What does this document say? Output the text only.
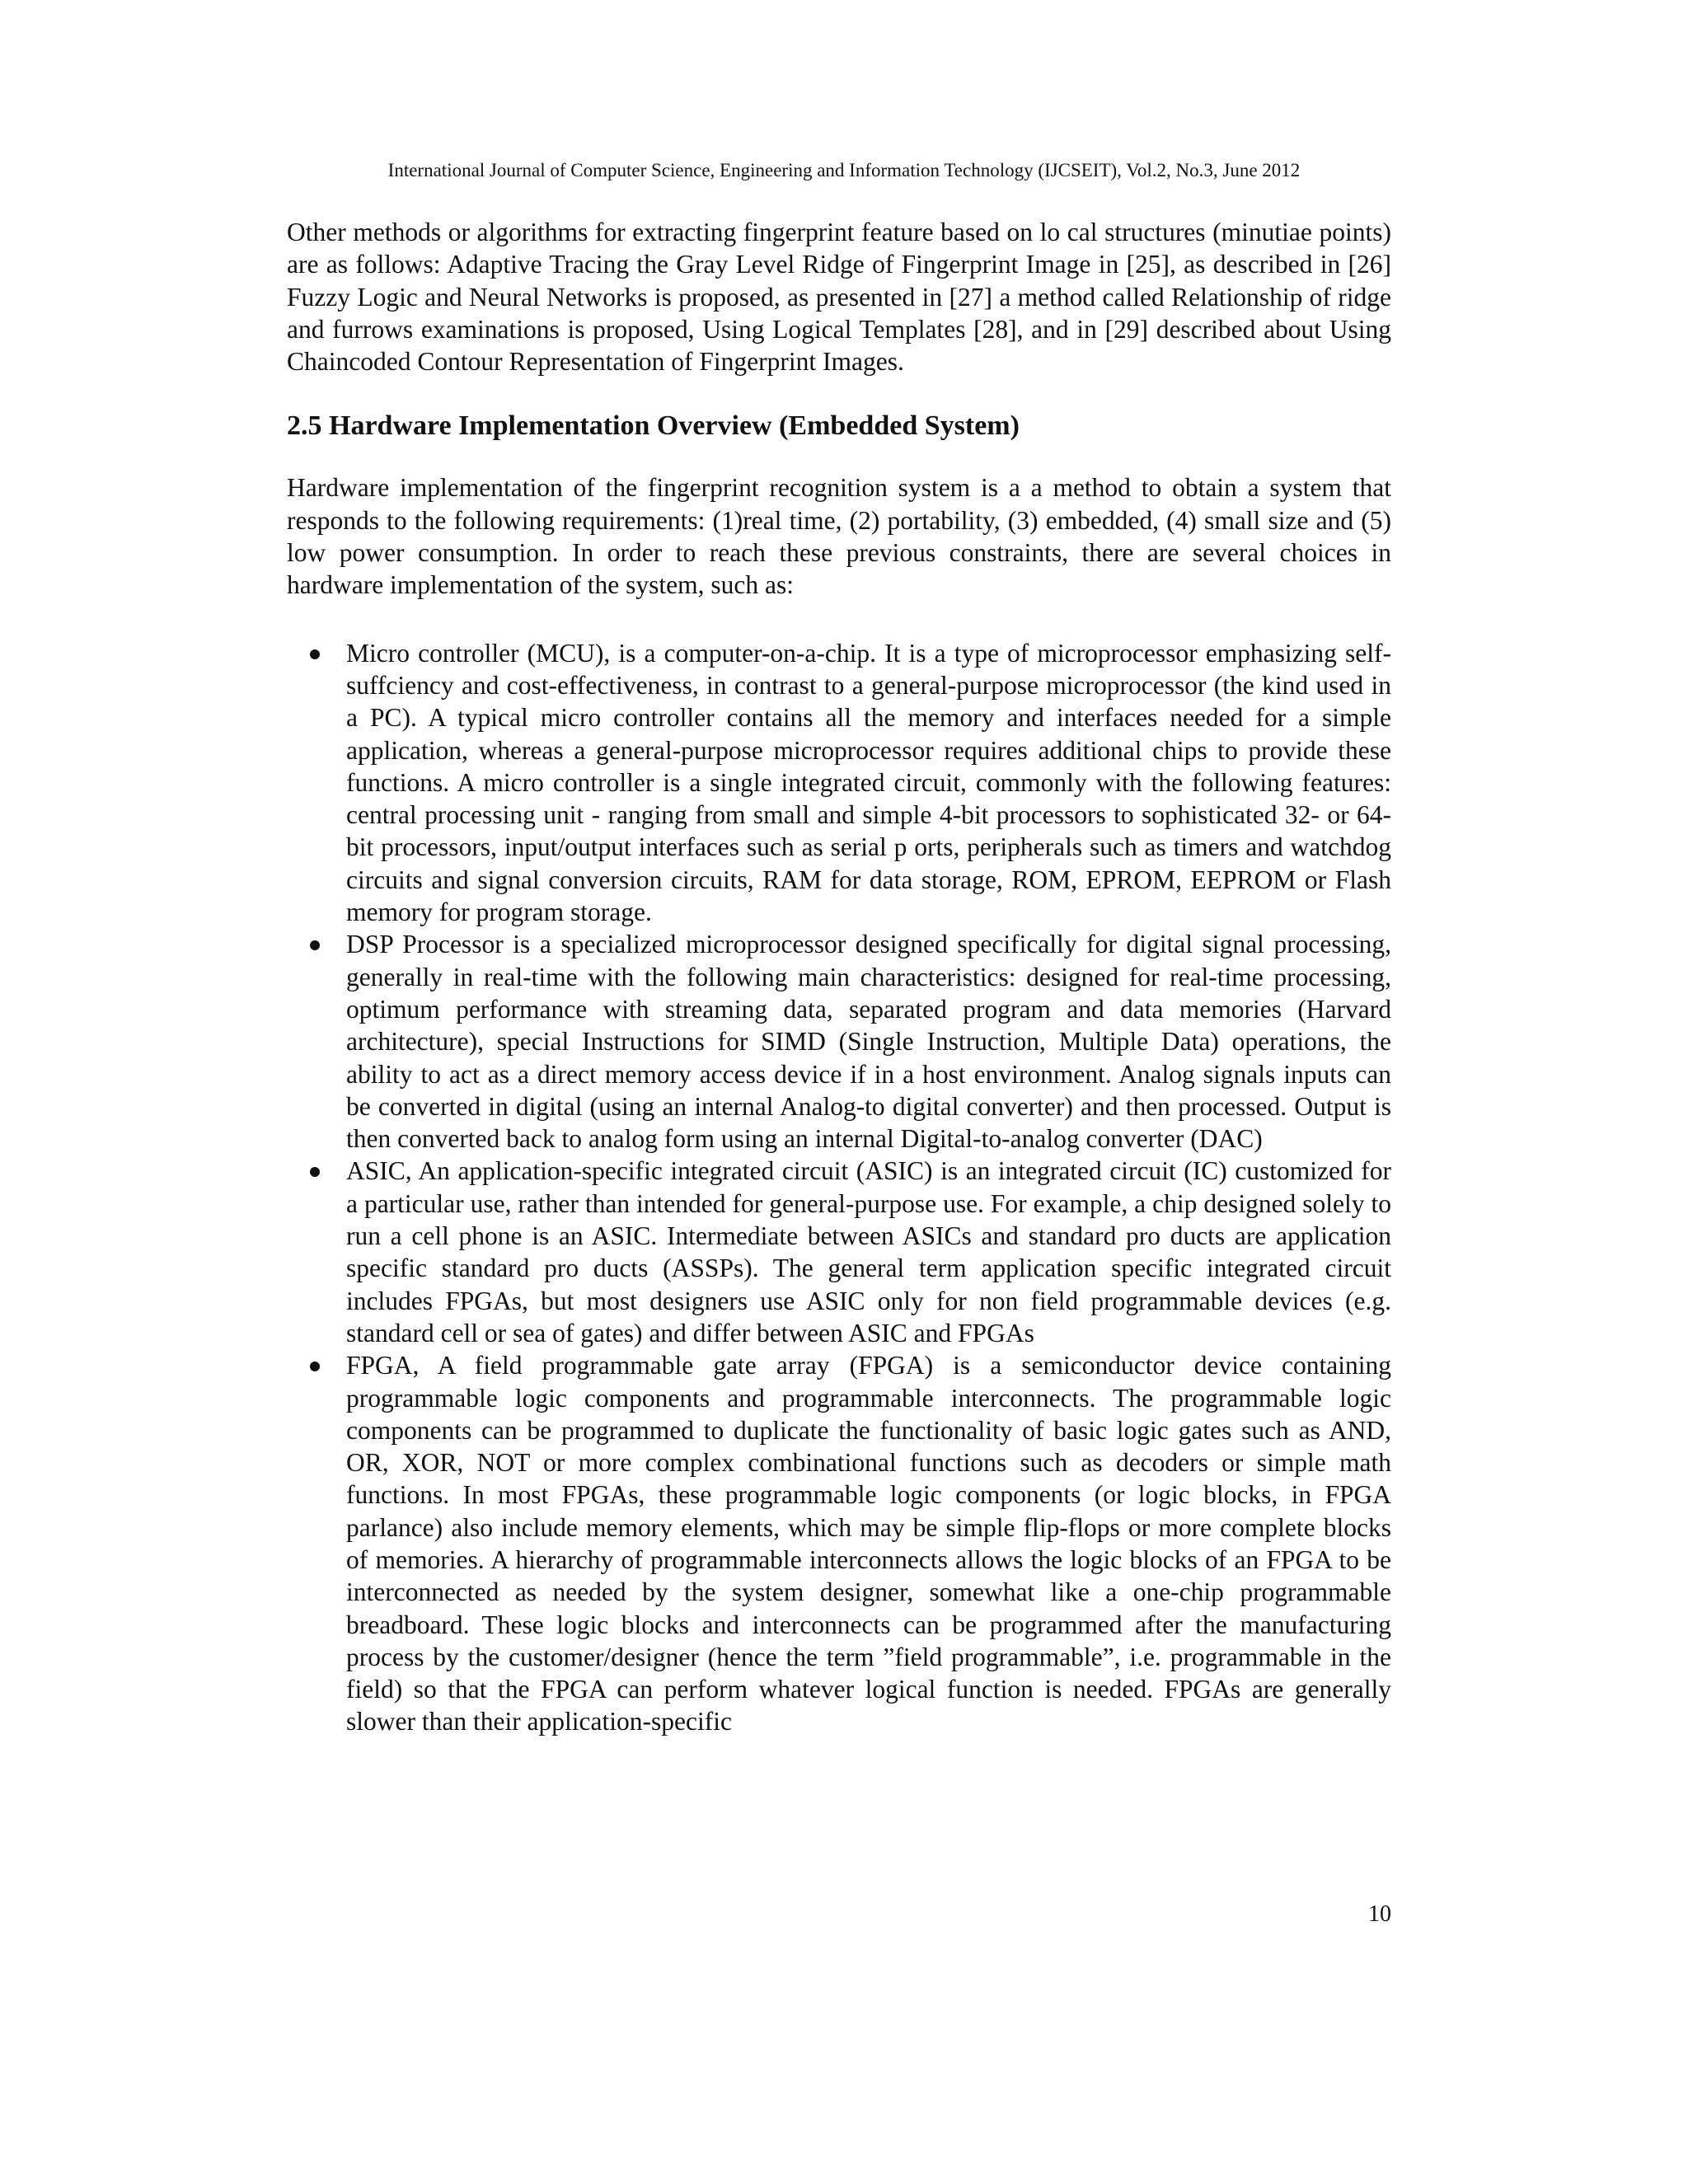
International Journal of Computer Science, Engineering and Information Technology (IJCSEIT), Vol.2, No.3, June 2012

Other methods or algorithms for extracting fingerprint feature based on lo cal structures (minutiae points) are as follows: Adaptive Tracing the Gray Level Ridge of Fingerprint Image in [25], as described in [26] Fuzzy Logic and Neural Networks is proposed, as presented in [27] a method called Relationship of ridge and furrows examinations is proposed, Using Logical Templates [28], and in [29] described about Using Chaincoded Contour Representation of Fingerprint Images.

2.5 Hardware Implementation Overview (Embedded System)

Hardware implementation of the fingerprint recognition system is a a method to obtain a system that responds to the following requirements: (1)real time, (2) portability, (3) embedded, (4) small size and (5) low power consumption. In order to reach these previous constraints, there are several choices in hardware implementation of the system, such as:

Micro controller (MCU), is a computer-on-a-chip. It is a type of microprocessor emphasizing self-suffciency and cost-effectiveness, in contrast to a general-purpose microprocessor (the kind used in a PC). A typical micro controller contains all the memory and interfaces needed for a simple application, whereas a general-purpose microprocessor requires additional chips to provide these functions. A micro controller is a single integrated circuit, commonly with the following features: central processing unit - ranging from small and simple 4-bit processors to sophisticated 32- or 64-bit processors, input/output interfaces such as serial p orts, peripherals such as timers and watchdog circuits and signal conversion circuits, RAM for data storage, ROM, EPROM, EEPROM or Flash memory for program storage.
DSP Processor is a specialized microprocessor designed specifically for digital signal processing, generally in real-time with the following main characteristics: designed for real-time processing, optimum performance with streaming data, separated program and data memories (Harvard architecture), special Instructions for SIMD (Single Instruction, Multiple Data) operations, the ability to act as a direct memory access device if in a host environment. Analog signals inputs can be converted in digital (using an internal Analog-to digital converter) and then processed. Output is then converted back to analog form using an internal Digital-to-analog converter (DAC)
ASIC, An application-specific integrated circuit (ASIC) is an integrated circuit (IC) customized for a particular use, rather than intended for general-purpose use. For example, a chip designed solely to run a cell phone is an ASIC. Intermediate between ASICs and standard pro ducts are application specific standard pro ducts (ASSPs). The general term application specific integrated circuit includes FPGAs, but most designers use ASIC only for non field programmable devices (e.g. standard cell or sea of gates) and differ between ASIC and FPGAs
FPGA, A field programmable gate array (FPGA) is a semiconductor device containing programmable logic components and programmable interconnects. The programmable logic components can be programmed to duplicate the functionality of basic logic gates such as AND, OR, XOR, NOT or more complex combinational functions such as decoders or simple math functions. In most FPGAs, these programmable logic components (or logic blocks, in FPGA parlance) also include memory elements, which may be simple flip-flops or more complete blocks of memories. A hierarchy of programmable interconnects allows the logic blocks of an FPGA to be interconnected as needed by the system designer, somewhat like a one-chip programmable breadboard. These logic blocks and interconnects can be programmed after the manufacturing process by the customer/designer (hence the term ”field programmable”, i.e. programmable in the field) so that the FPGA can perform whatever logical function is needed. FPGAs are generally slower than their application-specific
10
